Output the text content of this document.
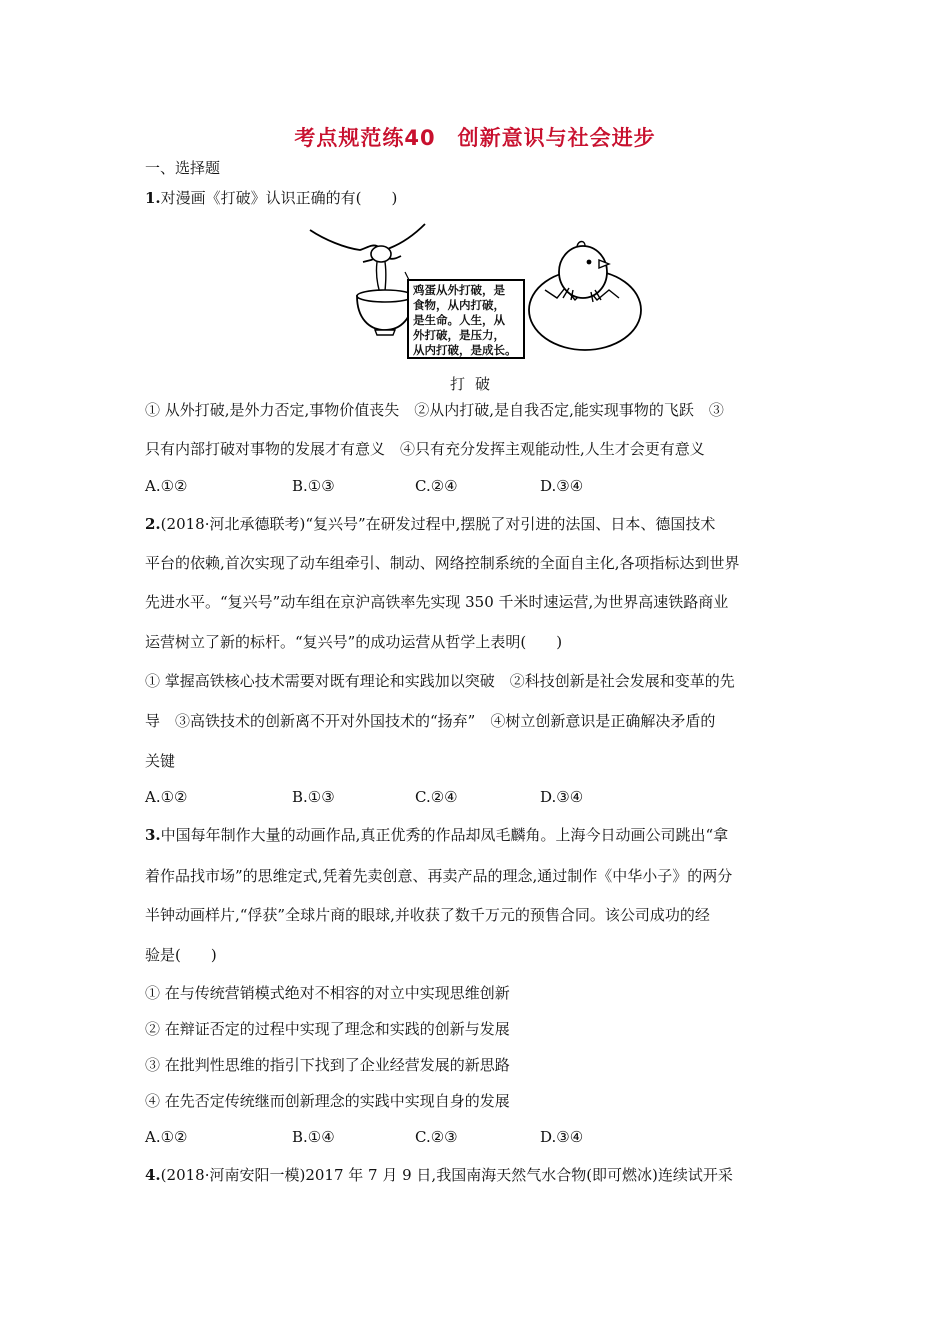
考点规范练40　创新意识与社会进步
一、选择题
1.对漫画《打破》认识正确的有(　　)
鸡蛋从外打破，是
食物，从内打破，
是生命。人生，从
外打破，是压力，
从内打破，是成长。
打破
① 从外打破,是外力否定,事物价值丧失　②从内打破,是自我否定,能实现事物的飞跃　③
只有内部打破对事物的发展才有意义　④只有充分发挥主观能动性,人生才会更有意义
A.①②	B.①③	C.②④	D.③④
2.(2018·河北承德联考)“复兴号”在研发过程中,摆脱了对引进的法国、日本、德国技术
平台的依赖,首次实现了动车组牵引、制动、网络控制系统的全面自主化,各项指标达到世界
先进水平。“复兴号”动车组在京沪高铁率先实现 350 千米时速运营,为世界高速铁路商业
运营树立了新的标杆。“复兴号”的成功运营从哲学上表明(　　)
① 掌握高铁核心技术需要对既有理论和实践加以突破　②科技创新是社会发展和变革的先
导　③高铁技术的创新离不开对外国技术的“扬弃”　④树立创新意识是正确解决矛盾的
关键
A.①②	B.①③	C.②④	D.③④
3.中国每年制作大量的动画作品,真正优秀的作品却凤毛麟角。上海今日动画公司跳出“拿
着作品找市场”的思维定式,凭着先卖创意、再卖产品的理念,通过制作《中华小子》的两分
半钟动画样片,“俘获”全球片商的眼球,并收获了数千万元的预售合同。该公司成功的经
验是(　　)
① 在与传统营销模式绝对不相容的对立中实现思维创新
② 在辩证否定的过程中实现了理念和实践的创新与发展
③ 在批判性思维的指引下找到了企业经营发展的新思路
④ 在先否定传统继而创新理念的实践中实现自身的发展
A.①②	B.①④	C.②③	D.③④
4.(2018·河南安阳一模)2017 年 7 月 9 日,我国南海天然气水合物(即可燃冰)连续试开采
